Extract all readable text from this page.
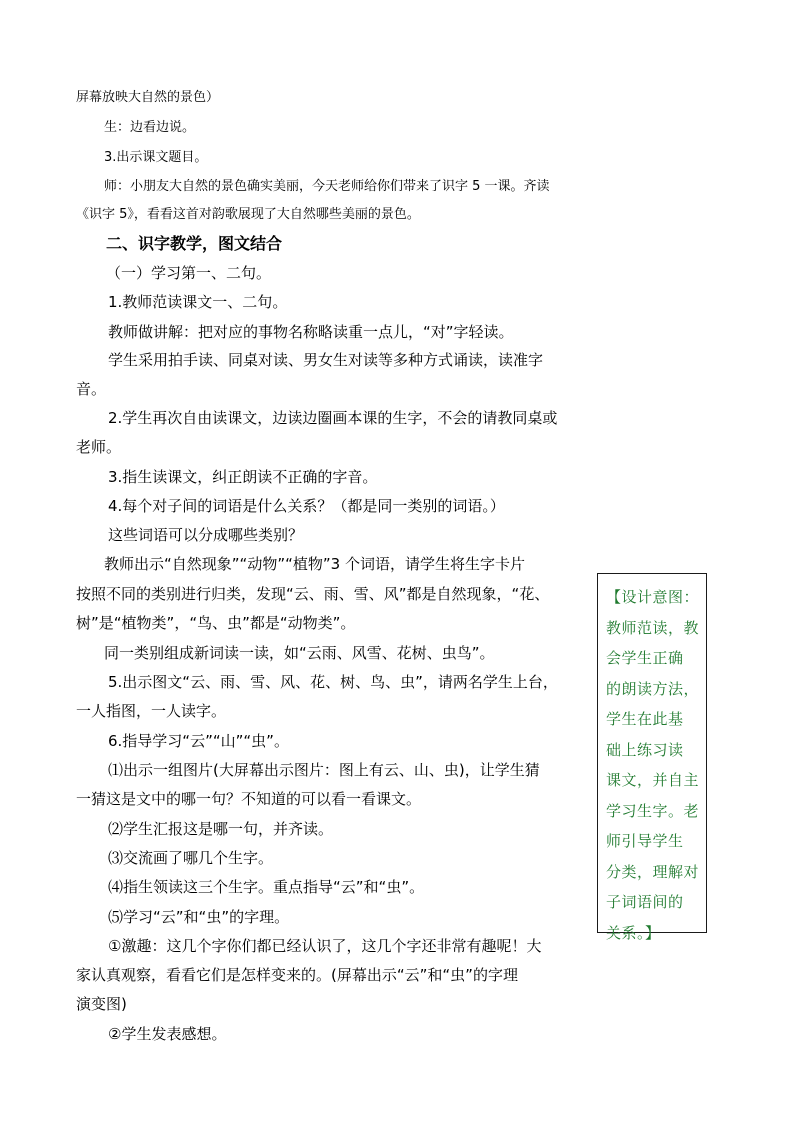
屏幕放映大自然的景色）
生：边看边说。
3.出示课文题目。
师：小朋友大自然的景色确实美丽，今天老师给你们带来了识字 5 一课。齐读
《识字 5》，看看这首对韵歌展现了大自然哪些美丽的景色。
二、识字教学，图文结合
（一）学习第一、二句。
1.教师范读课文一、二句。
教师做讲解：把对应的事物名称略读重一点儿，“对”字轻读。
学生采用拍手读、同桌对读、男女生对读等多种方式诵读，读准字
音。
2.学生再次自由读课文，边读边圈画本课的生字，不会的请教同桌或
老师。
3.指生读课文，纠正朗读不正确的字音。
4.每个对子间的词语是什么关系？（都是同一类别的词语。）
这些词语可以分成哪些类别？
教师出示“自然现象”“动物”“植物”3 个词语，请学生将生字卡片
按照不同的类别进行归类，发现“云、雨、雪、风”都是自然现象，“花、
树”是“植物类”，“鸟、虫”都是“动物类”。
同一类别组成新词读一读，如“云雨、风雪、花树、虫鸟”。
5.出示图文“云、雨、雪、风、花、树、鸟、虫”，请两名学生上台，
一人指图，一人读字。
6.指导学习“云”“山”“虫”。
⑴出示一组图片(大屏幕出示图片：图上有云、山、虫)，让学生猜
一猜这是文中的哪一句？不知道的可以看一看课文。
⑵学生汇报这是哪一句，并齐读。
⑶交流画了哪几个生字。
⑷指生领读这三个生字。重点指导“云”和“虫”。
⑸学习“云”和“虫”的字理。
①激趣：这几个字你们都已经认识了，这几个字还非常有趣呢！大
家认真观察，看看它们是怎样变来的。(屏幕出示“云”和“虫”的字理
演变图)
②学生发表感想。
【设计意图：
教师范读，教
会学生正确
的朗读方法，
学生在此基
础上练习读
课文，并自主
学习生字。老
师引导学生
分类，理解对
子词语间的
关系。】
